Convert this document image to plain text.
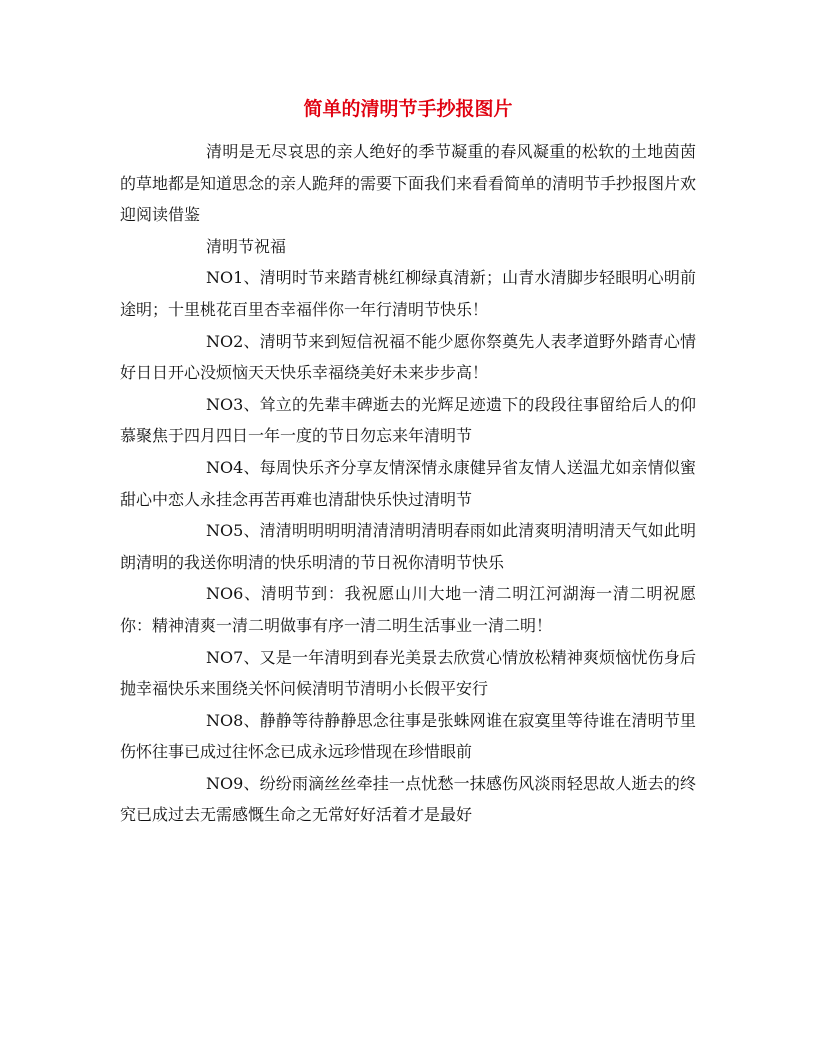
简单的清明节手抄报图片

清明是无尽哀思的亲人绝好的季节凝重的春风凝重的松软的土地茵茵的草地都是知道思念的亲人跪拜的需要下面我们来看看简单的清明节手抄报图片欢迎阅读借鉴

清明节祝福

NO1、清明时节来踏青桃红柳绿真清新；山青水清脚步轻眼明心明前途明；十里桃花百里杏幸福伴你一年行清明节快乐！

NO2、清明节来到短信祝福不能少愿你祭奠先人表孝道野外踏青心情好日日开心没烦恼天天快乐幸福绕美好未来步步高！

NO3、耸立的先辈丰碑逝去的光辉足迹遗下的段段往事留给后人的仰慕聚焦于四月四日一年一度的节日勿忘来年清明节

NO4、每周快乐齐分享友情深情永康健异省友情人送温尤如亲情似蜜甜心中恋人永挂念再苦再难也清甜快乐快过清明节

NO5、清清明明明明清清清明清明春雨如此清爽明清明清天气如此明朗清明的我送你明清的快乐明清的节日祝你清明节快乐

NO6、清明节到：我祝愿山川大地一清二明江河湖海一清二明祝愿你：精神清爽一清二明做事有序一清二明生活事业一清二明！

NO7、又是一年清明到春光美景去欣赏心情放松精神爽烦恼忧伤身后抛幸福快乐来围绕关怀问候清明节清明小长假平安行

NO8、静静等待静静思念往事是张蛛网谁在寂寞里等待谁在清明节里伤怀往事已成过往怀念已成永远珍惜现在珍惜眼前

NO9、纷纷雨滴丝丝牵挂一点忧愁一抹感伤风淡雨轻思故人逝去的终究已成过去无需感慨生命之无常好好活着才是最好
